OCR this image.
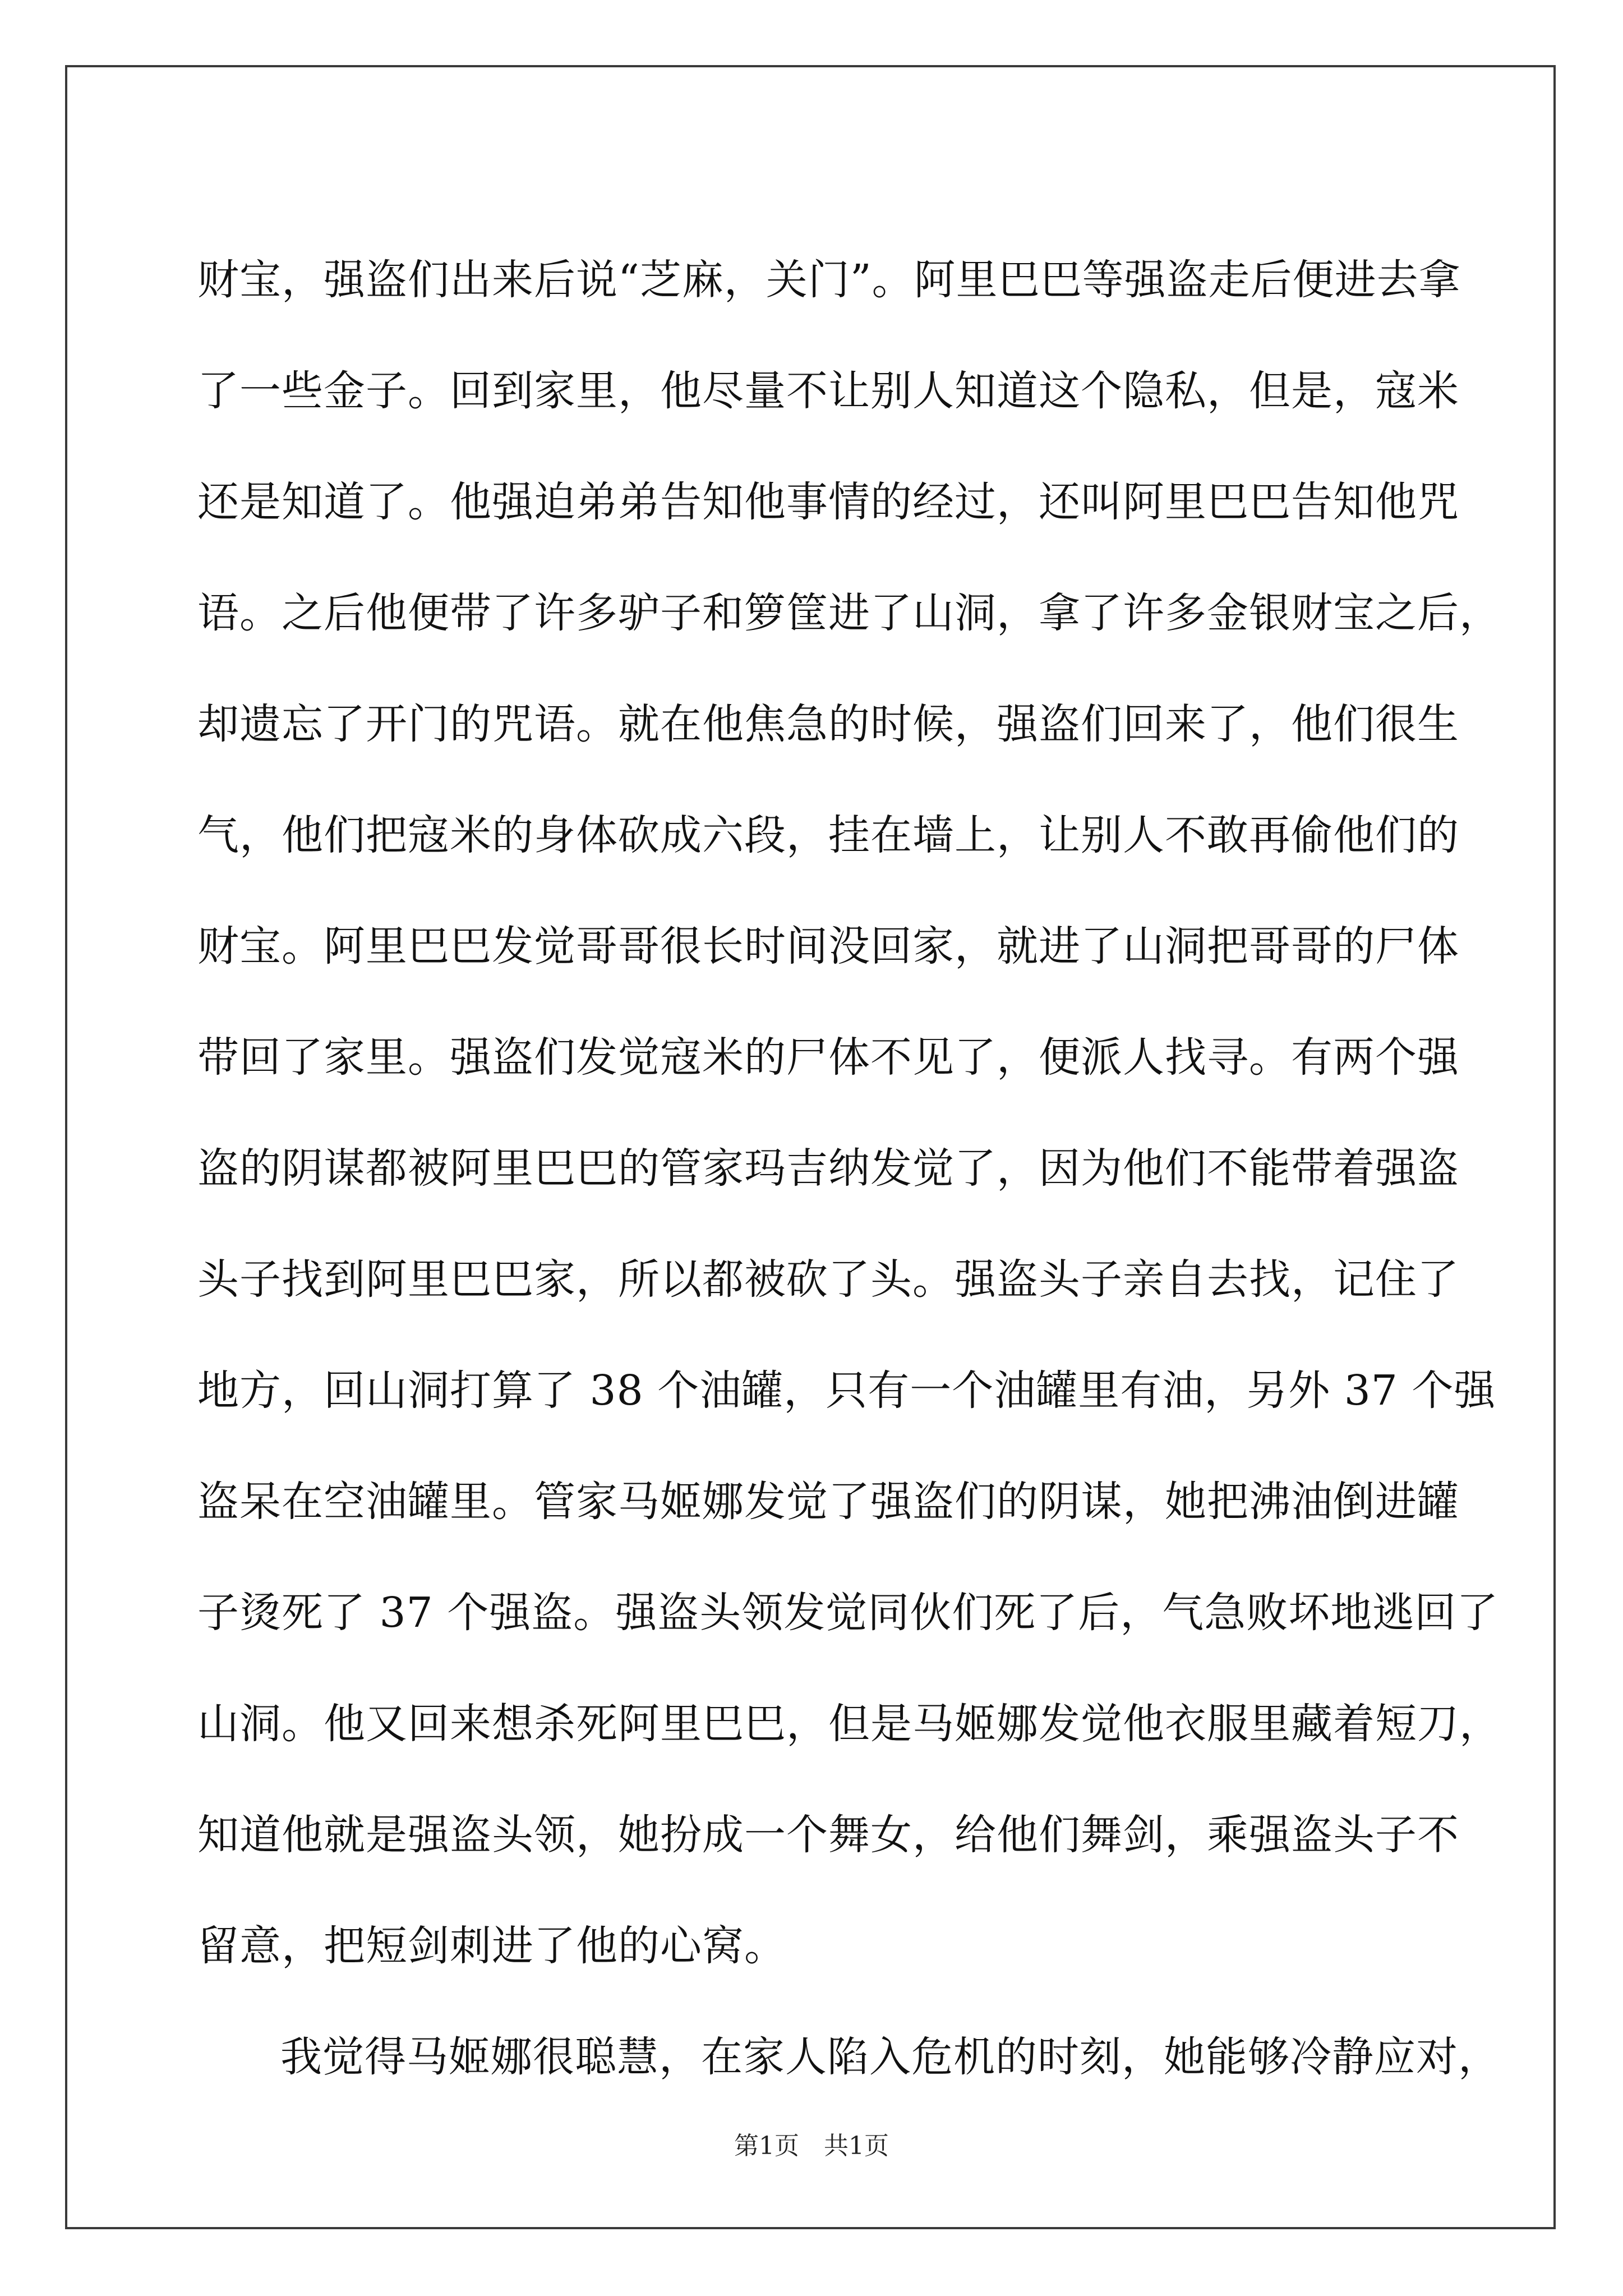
财宝，强盗们出来后说“芝麻，关门”。阿里巴巴等强盗走后便进去拿
了一些金子。回到家里，他尽量不让别人知道这个隐私，但是，寇米
还是知道了。他强迫弟弟告知他事情的经过，还叫阿里巴巴告知他咒
语。之后他便带了许多驴子和箩筐进了山洞，拿了许多金银财宝之后，
却遗忘了开门的咒语。就在他焦急的时候，强盗们回来了，他们很生
气，他们把寇米的身体砍成六段，挂在墙上，让别人不敢再偷他们的
财宝。阿里巴巴发觉哥哥很长时间没回家，就进了山洞把哥哥的尸体
带回了家里。强盗们发觉寇米的尸体不见了，便派人找寻。有两个强
盗的阴谋都被阿里巴巴的管家玛吉纳发觉了，因为他们不能带着强盗
头子找到阿里巴巴家，所以都被砍了头。强盗头子亲自去找，记住了
地方，回山洞打算了 38 个油罐，只有一个油罐里有油，另外 37 个强
盗呆在空油罐里。管家马姬娜发觉了强盗们的阴谋，她把沸油倒进罐
子烫死了 37 个强盗。强盗头领发觉同伙们死了后，气急败坏地逃回了
山洞。他又回来想杀死阿里巴巴，但是马姬娜发觉他衣服里藏着短刀，
知道他就是强盗头领，她扮成一个舞女，给他们舞剑，乘强盗头子不
留意，把短剑刺进了他的心窝。
我觉得马姬娜很聪慧，在家人陷入危机的时刻，她能够冷静应对，
第1页　共1页
